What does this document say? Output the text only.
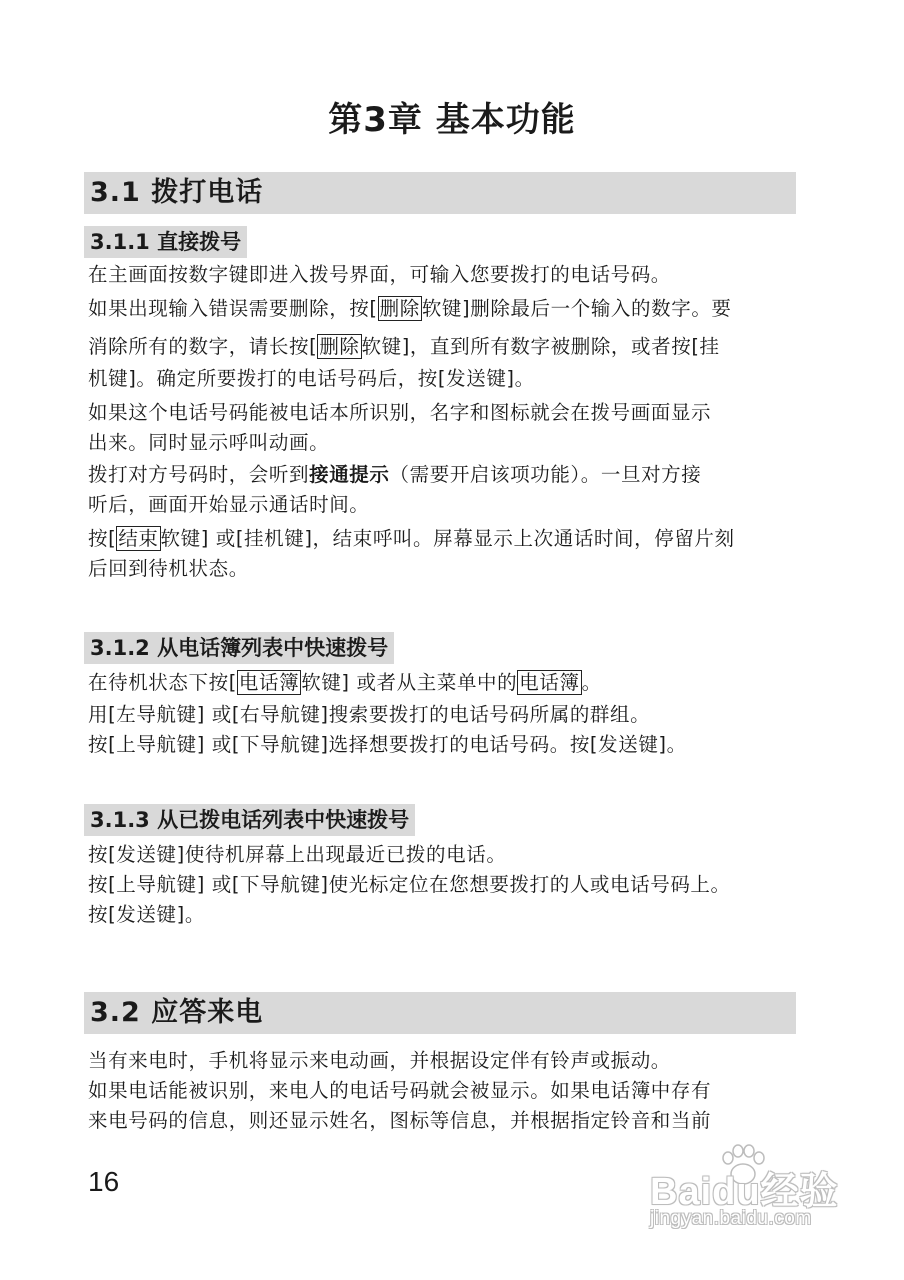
第3章 基本功能
3.1 拨打电话
3.1.1 直接拨号
在主画面按数字键即进入拨号界面，可输入您要拨打的电话号码。
如果出现输入错误需要删除，按[ 删除 软键]删除最后一个输入的数字。要
消除所有的数字，请长按[ 删除 软键]，直到所有数字被删除，或者按[挂
机键]。确定所要拨打的电话号码后，按[发送键]。
如果这个电话号码能被电话本所识别，名字和图标就会在拨号画面显示
出来。同时显示呼叫动画。
拨打对方号码时，会听到接通提示（需要开启该项功能）。一旦对方接
听后，画面开始显示通话时间。
按[ 结束 软键] 或[挂机键]，结束呼叫。屏幕显示上次通话时间，停留片刻
后回到待机状态。
3.1.2 从电话簿列表中快速拨号
在待机状态下按[ 电话簿 软键] 或者从主菜单中的 电话簿 。
用[左导航键] 或[右导航键]搜索要拨打的电话号码所属的群组。
按[上导航键] 或[下导航键]选择想要拨打的电话号码。按[发送键]。
3.1.3 从已拨电话列表中快速拨号
按[发送键]使待机屏幕上出现最近已拨的电话。
按[上导航键] 或[下导航键]使光标定位在您想要拨打的人或电话号码上。
按[发送键]。
3.2 应答来电
当有来电时，手机将显示来电动画，并根据设定伴有铃声或振动。
如果电话能被识别，来电人的电话号码就会被显示。如果电话簿中存有
来电号码的信息，则还显示姓名，图标等信息，并根据指定铃音和当前
16	Baidu经验
jingyan.baidu.com
